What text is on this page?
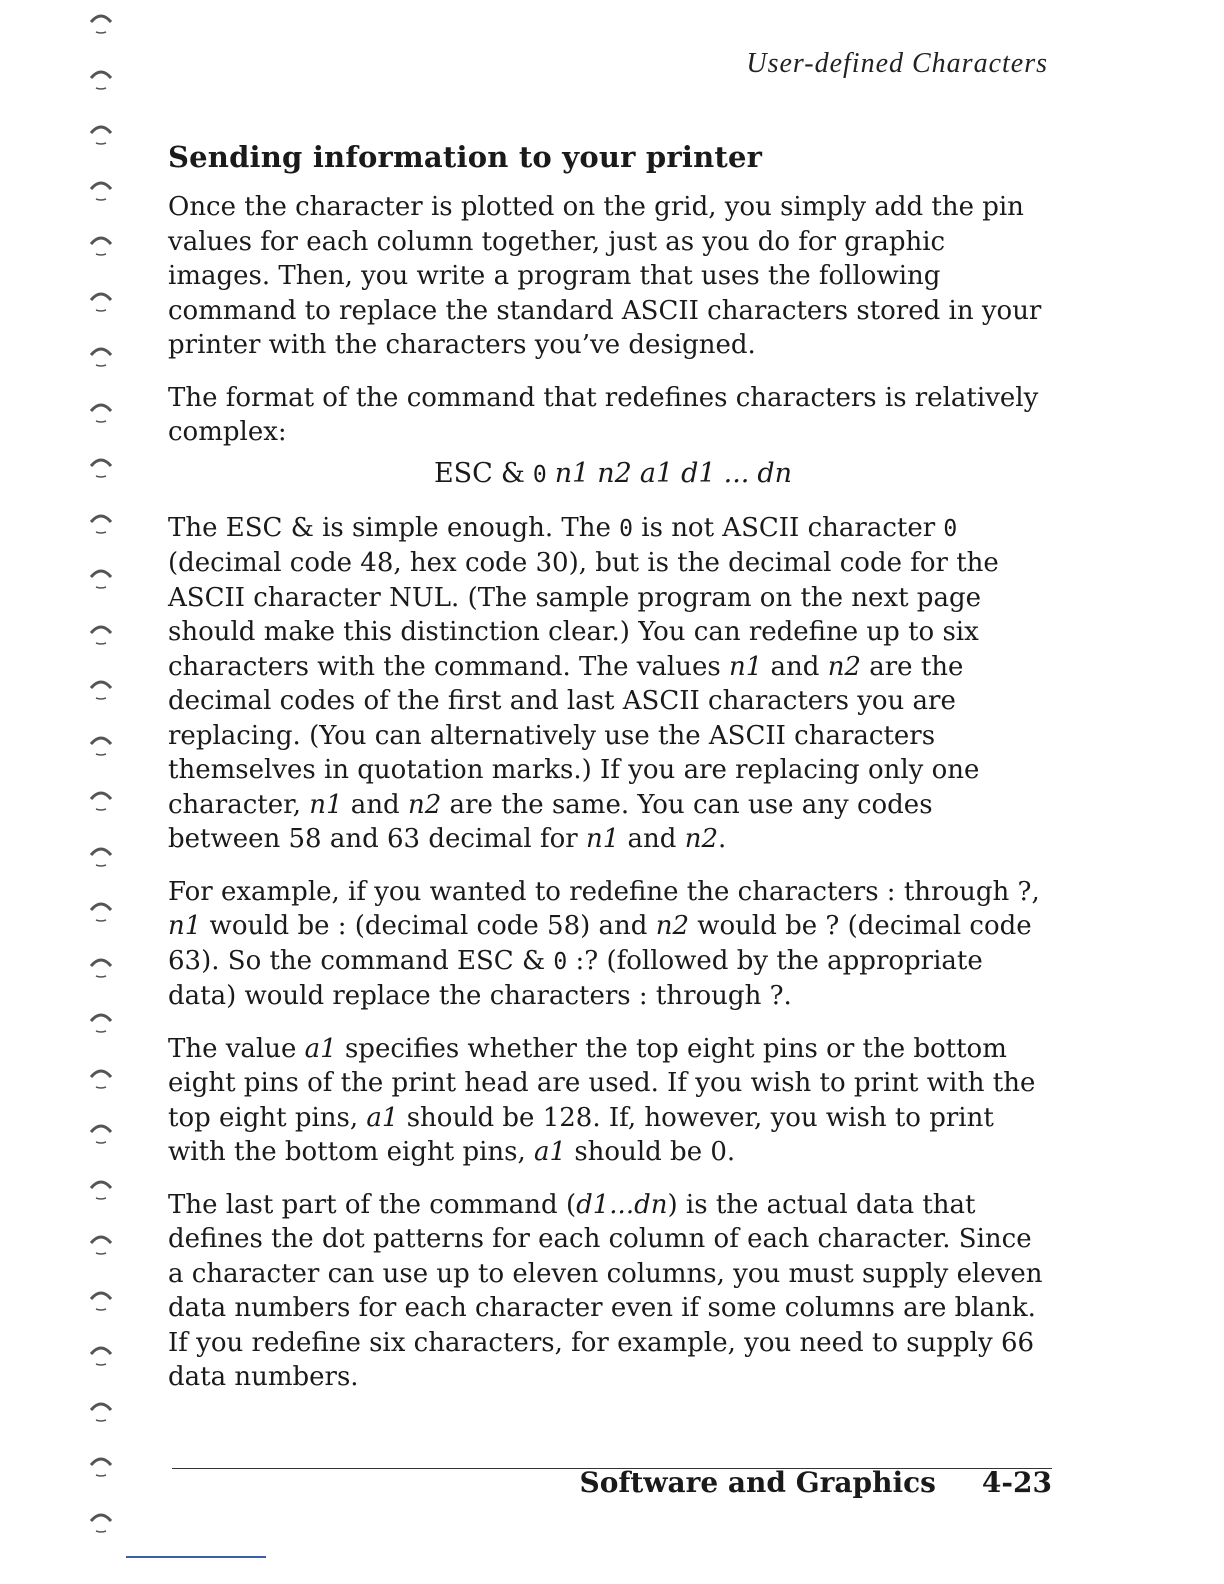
User-defined Characters
Sending information to your printer

Once the character is plotted on the grid, you simply add the pin values for each column together, just as you do for graphic images. Then, you write a program that uses the following command to replace the standard ASCII characters stored in your printer with the characters you’ve designed.

The format of the command that redefines characters is relatively complex:

ESC & 0 n1 n2 a1 d1 ... dn

The ESC & is simple enough. The 0 is not ASCII character 0 (decimal code 48, hex code 30), but is the decimal code for the ASCII character NUL. (The sample program on the next page should make this distinction clear.) You can redefine up to six characters with the command. The values n1 and n2 are the decimal codes of the first and last ASCII characters you are replacing. (You can alternatively use the ASCII characters themselves in quotation marks.) If you are replacing only one character, n1 and n2 are the same. You can use any codes between 58 and 63 decimal for n1 and n2.

For example, if you wanted to redefine the characters : through ?, n1 would be : (decimal code 58) and n2 would be ? (decimal code 63). So the command ESC & 0 :? (followed by the appropriate data) would replace the characters : through ?.

The value a1 specifies whether the top eight pins or the bottom eight pins of the print head are used. If you wish to print with the top eight pins, a1 should be 128. If, however, you wish to print with the bottom eight pins, a1 should be 0.

The last part of the command (d1...dn) is the actual data that defines the dot patterns for each column of each character. Since a character can use up to eleven columns, you must supply eleven data numbers for each character even if some columns are blank. If you redefine six characters, for example, you need to supply 66 data numbers.

Software and Graphics 4-23
